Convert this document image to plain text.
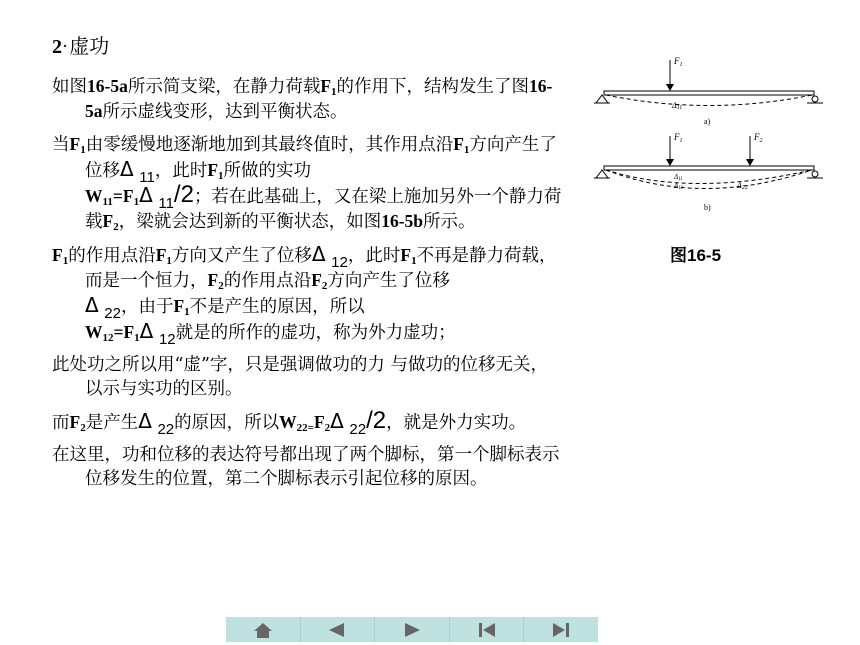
2. 虚功
如图16-5a所示简支梁，在静力荷载$F_1$的作用下，结构发生了图16-5a所示虚线变形，达到平衡状态。
当$F_1$由零缓慢地逐渐地加到其最终值时，其作用点沿$F_1$方向产生了位移Δ 11，此时$F_1$所做的实功
$W_{11}=F_1\Delta$ 11/2；若在此基础上，又在梁上施加另外一个静力荷载$F_2$，梁就会达到新的平衡状态，如图16-5b所示。
$F_1$的作用点沿$F_1$方向又产生了位移Δ 12，此时$F_1$不再是静力荷载，而是一个恒力，$F_2$的作用点沿$F_2$方向产生了位移
Δ 22，由于$F_1$不是产生的原因，所以
$W_{12}=F_1\Delta$ 12就是的所作的虚功，称为外力虚功；
此处功之所以用“虚”字，只是强调做功的力 与做功的位移无关，以示与实功的区别。
而$F_2$是产生Δ 22的原因，所以$W_{22=}F_2\Delta$ 22/2，就是外力实功。
在这里，功和位移的表达符号都出现了两个脚标，第一个脚标表示位移发生的位置，第二个脚标表示引起位移的原因。
$F_1$
Δ11
a)
$F_1$	$F_2$
Δ11
Δ12	Δ22
b)
图16-5
